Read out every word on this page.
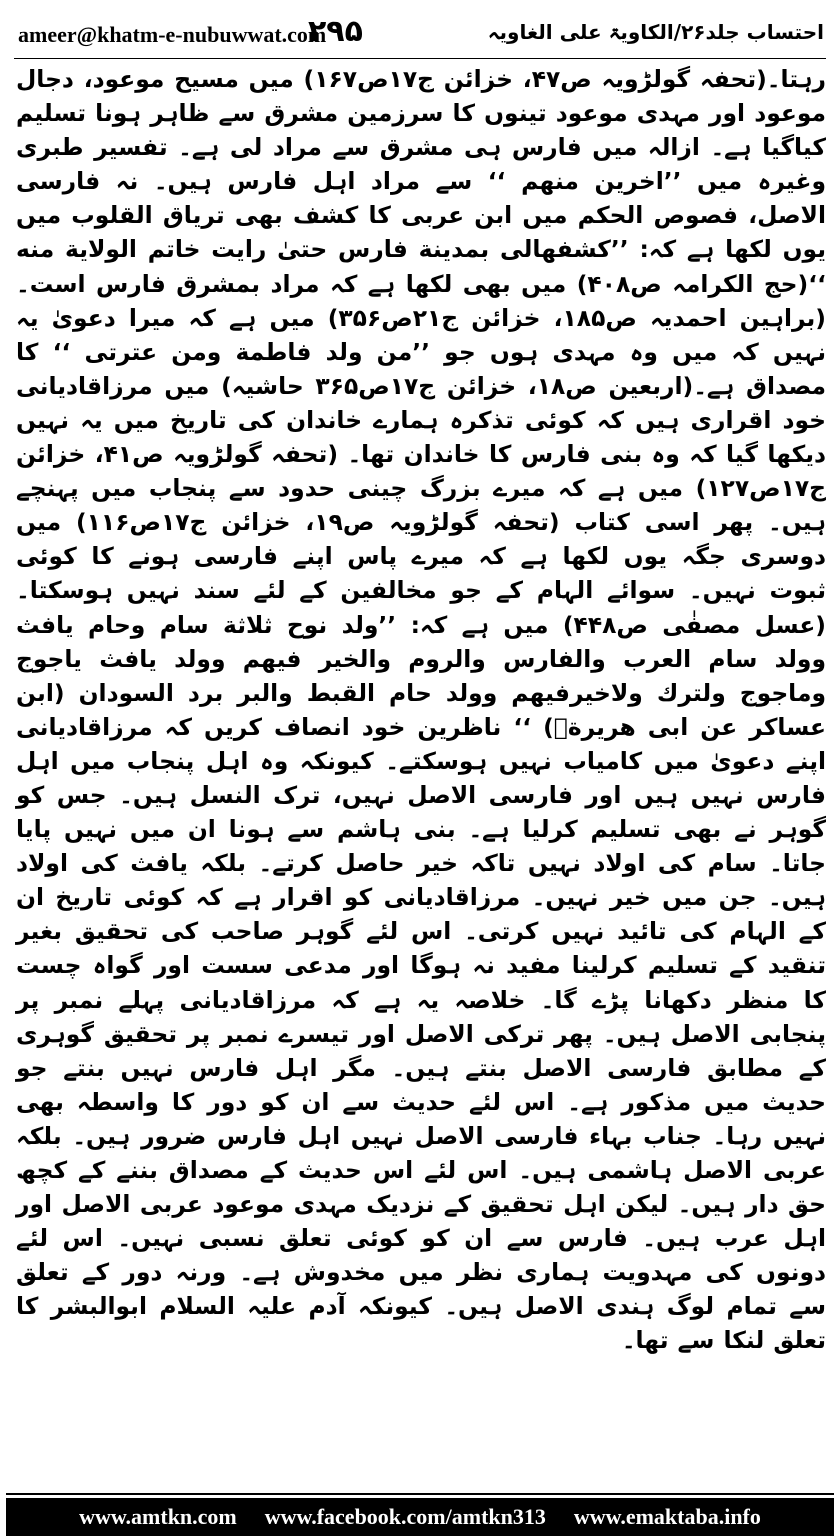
ameer@khatm-e-nubuwwat.com
۲۹۵	احتساب جلد۲۶/الکاویۃ علی الغاویہ
رہتا۔(تحفہ گولڑویہ ص۴۷، خزائن ج۱۷ص۱۶۷) میں مسیح موعود، دجال موعود اور مہدی موعود تینوں کا سرزمین مشرق سے ظاہر ہونا تسلیم کیاگیا ہے۔ ازالہ میں فارس ہی مشرق سے مراد لی ہے۔ تفسیر طبری وغیرہ میں ’’اخرین منهم ‘‘ سے مراد اہل فارس ہیں۔ نہ فارسی الاصل، فصوص الحکم میں ابن عربی کا کشف بھی تریاق القلوب میں یوں لکھا ہے کہ: ’’کشفهالی بمدینة فارس حتیٰ رایت خاتم الولایة منه ‘‘(حج الکرامہ ص۴۰۸) میں بھی لکھا ہے کہ مراد بمشرق فارس است۔ (براہین احمدیہ ص۱۸۵، خزائن ج۲۱ص۳۵۶) میں ہے کہ میرا دعویٰ یہ نہیں کہ میں وہ مہدی ہوں جو ’’من ولد فاطمة ومن عترتی ‘‘ کا مصداق ہے۔(اربعین ص۱۸، خزائن ج۱۷ص۳۶۵ حاشیہ) میں مرزاقادیانی خود اقراری ہیں کہ کوئی تذکرہ ہمارے خاندان کی تاریخ میں یہ نہیں دیکھا گیا کہ وہ بنی فارس کا خاندان تھا۔ (تحفہ گولڑویہ ص۴۱، خزائن ج۱۷ص۱۲۷) میں ہے کہ میرے بزرگ چینی حدود سے پنجاب میں پہنچے ہیں۔ پھر اسی کتاب (تحفہ گولڑویہ ص۱۹، خزائن ج۱۷ص۱۱۶) میں دوسری جگہ یوں لکھا ہے کہ میرے پاس اپنے فارسی ہونے کا کوئی ثبوت نہیں۔ سوائے الہام کے جو مخالفین کے لئے سند نہیں ہوسکتا۔(عسل مصفٰی ص۴۴۸) میں ہے کہ: ’’ولد نوح ثلاثة سام وحام یافث وولد سام العرب والفارس والروم والخیر فیهم وولد یافث یاجوج وماجوج ولترك ولاخیرفیهم وولد حام القبط والبر برد السودان (ابن عساکر عن ابی هریرةؓ) ‘‘ ناظرین خود انصاف کریں کہ مرزاقادیانی اپنے دعویٰ میں کامیاب نہیں ہوسکتے۔ کیونکہ وہ اہل پنجاب میں اہل فارس نہیں ہیں اور فارسی الاصل نہیں، ترک النسل ہیں۔ جس کو گوہر نے بھی تسلیم کرلیا ہے۔ بنی ہاشم سے ہونا ان میں نہیں پایا جاتا۔ سام کی اولاد نہیں تاکہ خیر حاصل کرتے۔ بلکہ یافث کی اولاد ہیں۔ جن میں خیر نہیں۔ مرزاقادیانی کو اقرار ہے کہ کوئی تاریخ ان کے الہام کی تائید نہیں کرتی۔ اس لئے گوہر صاحب کی تحقیق بغیر تنقید کے تسلیم کرلینا مفید نہ ہوگا اور مدعی سست اور گواہ چست کا منظر دکھانا پڑے گا۔ خلاصہ یہ ہے کہ مرزاقادیانی پہلے نمبر پر پنجابی الاصل ہیں۔ پھر ترکی الاصل اور تیسرے نمبر پر تحقیق گوہری کے مطابق فارسی الاصل بنتے ہیں۔ مگر اہل فارس نہیں بنتے جو حدیث میں مذکور ہے۔ اس لئے حدیث سے ان کو دور کا واسطہ بھی نہیں رہا۔ جناب بہاء فارسی الاصل نہیں اہل فارس ضرور ہیں۔ بلکہ عربی الاصل ہاشمی ہیں۔ اس لئے اس حدیث کے مصداق بننے کے کچھ حق دار ہیں۔ لیکن اہل تحقیق کے نزدیک مہدی موعود عربی الاصل اور اہل عرب ہیں۔ فارس سے ان کو کوئی تعلق نسبی نہیں۔ اس لئے دونوں کی مہدویت ہماری نظر میں مخدوش ہے۔ ورنہ دور کے تعلق سے تمام لوگ ہندی الاصل ہیں۔ کیونکہ آدم علیہ السلام ابوالبشر کا تعلق لنکا سے تھا۔
www.amtkn.com www.facebook.com/amtkn313 www.emaktaba.info
